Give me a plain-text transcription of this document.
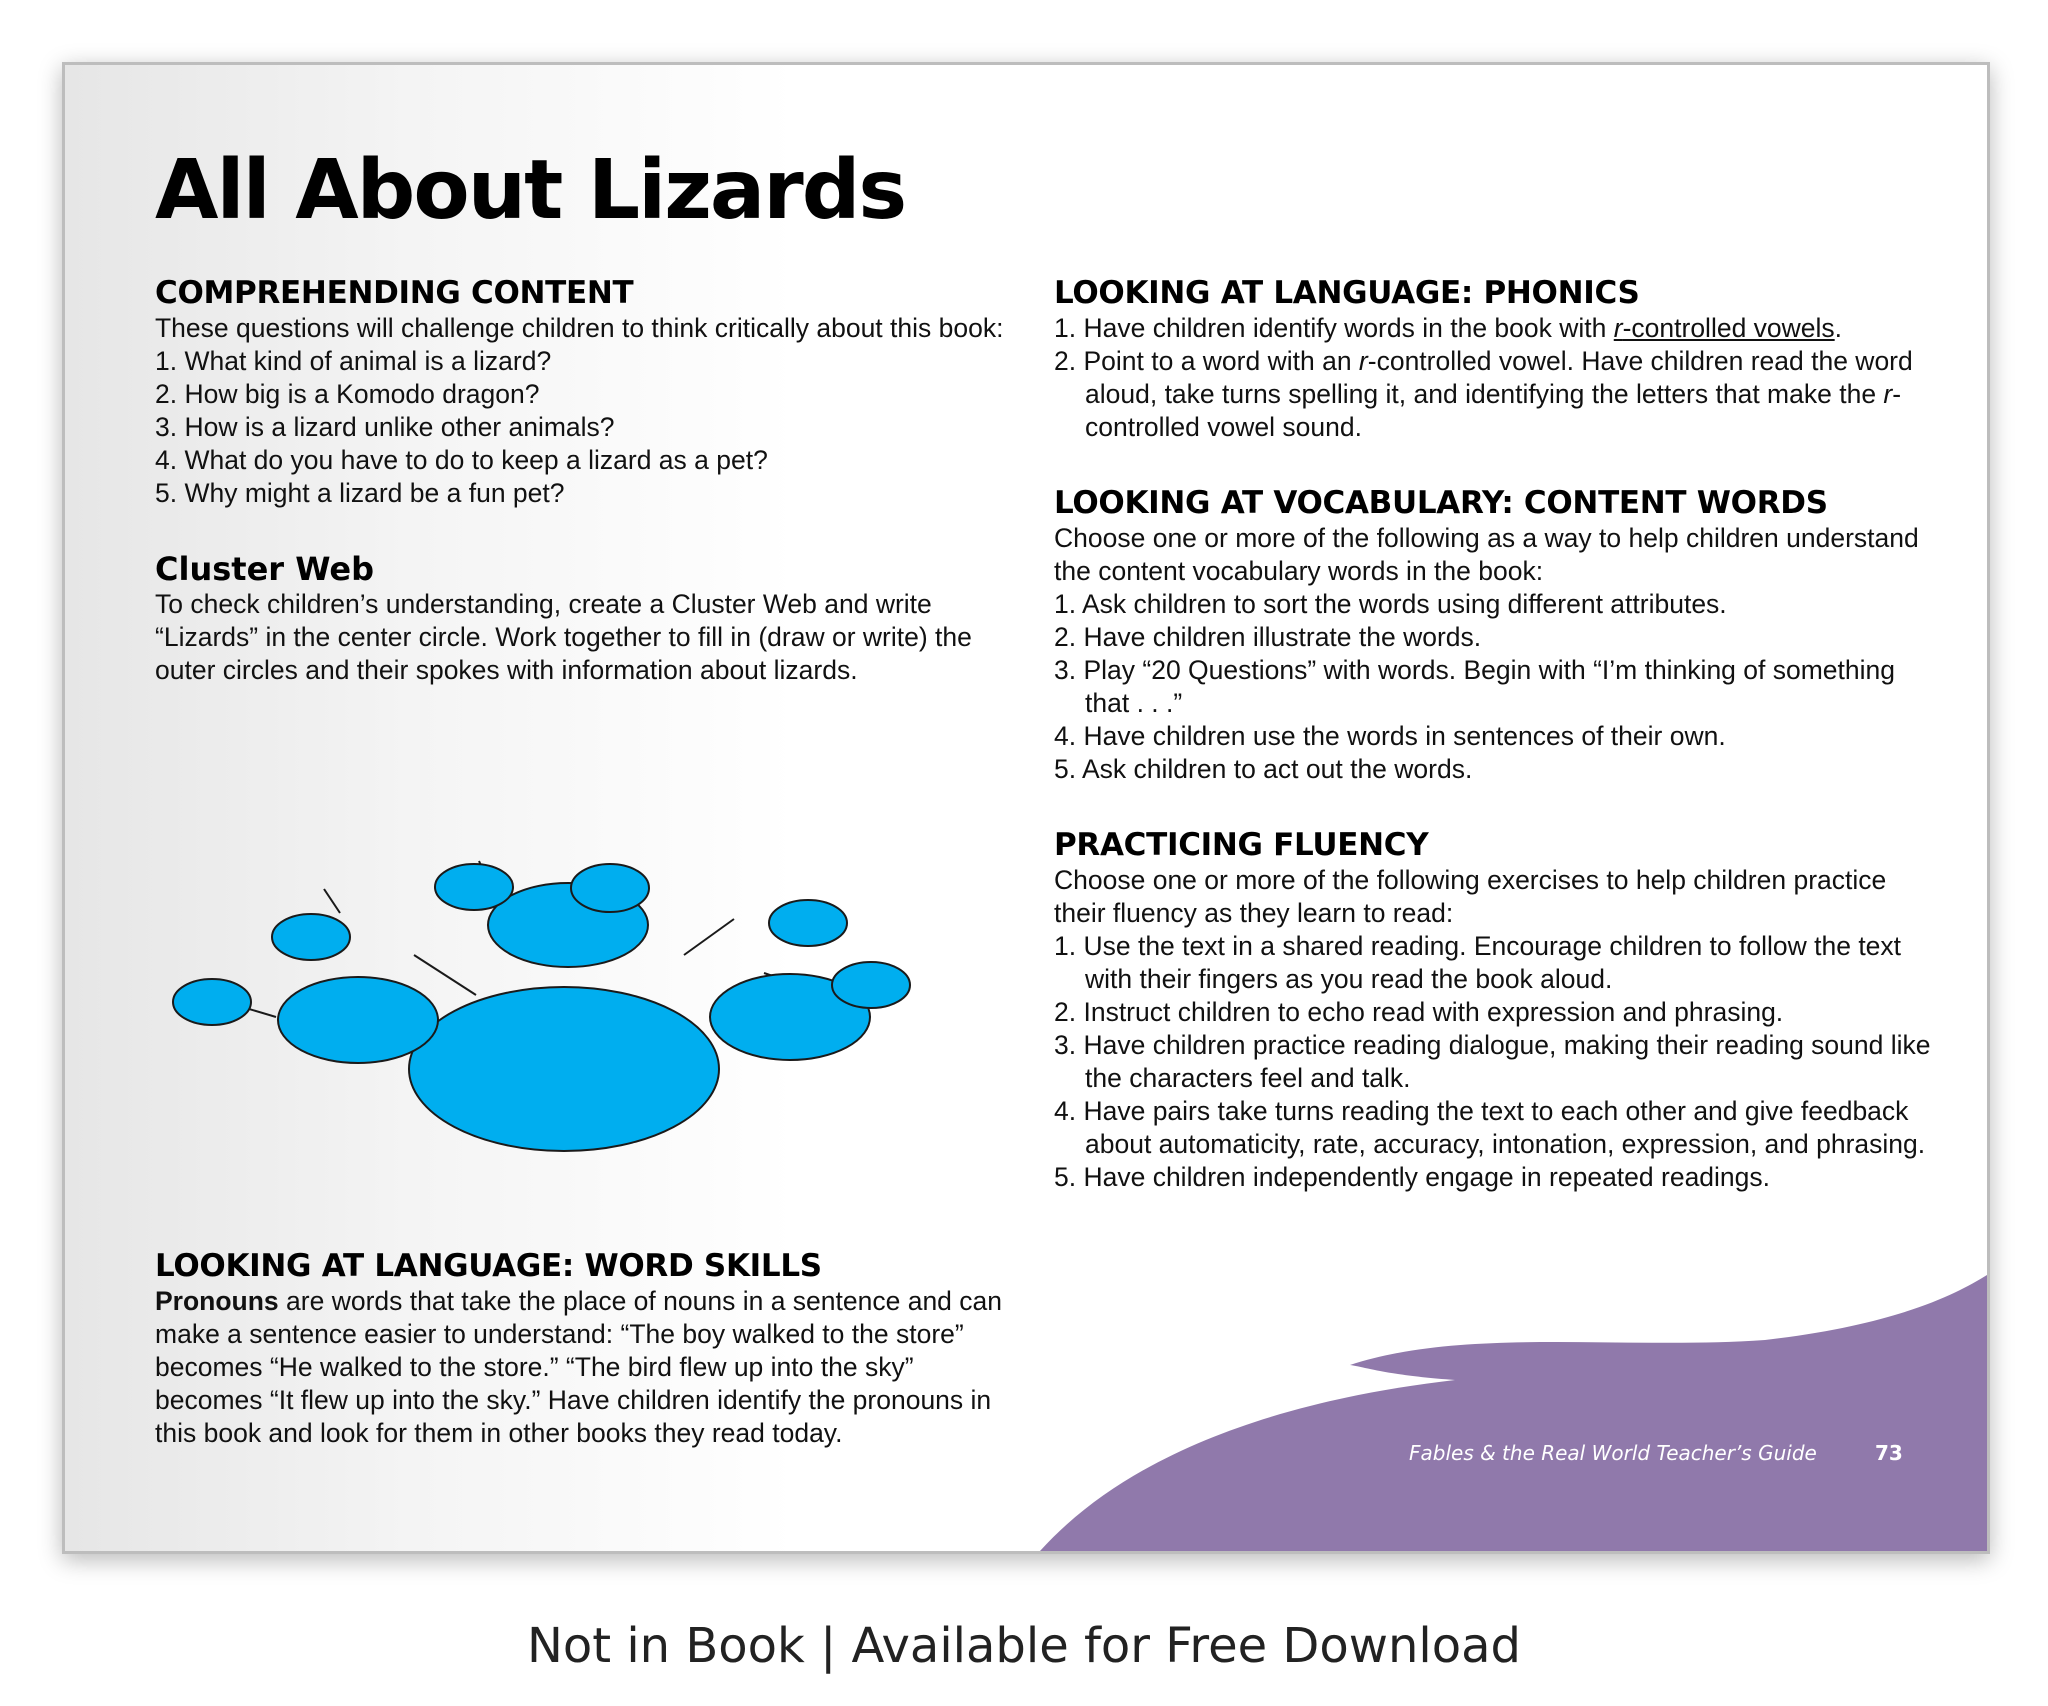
All About Lizards
COMPREHENDING CONTENT

These questions will challenge children to think critically about this book:

1. What kind of animal is a lizard?
2. How big is a Komodo dragon?
3. How is a lizard unlike other animals?
4. What do you have to do to keep a lizard as a pet?
5. Why might a lizard be a fun pet?
Cluster Web

To check children’s understanding, create a Cluster Web and write “Lizards” in the center circle. Work together to fill in (draw or write) the outer circles and their spokes with information about lizards.

LOOKING AT LANGUAGE: WORD SKILLS

Pronouns are words that take the place of nouns in a sentence and can make a sentence easier to understand: “The boy walked to the store” becomes “He walked to the store.” “The bird flew up into the sky” becomes “It flew up into the sky.” Have children identify the pronouns in this book and look for them in other books they read today.

LOOKING AT LANGUAGE: PHONICS
1. Have children identify words in the book with r-controlled vowels.
2. Point to a word with an r-controlled vowel. Have children read the word aloud, take turns spelling it, and identifying the letters that make the r-controlled vowel sound.
LOOKING AT VOCABULARY: CONTENT WORDS

Choose one or more of the following as a way to help children understand the content vocabulary words in the book:

1. Ask children to sort the words using different attributes.
2. Have children illustrate the words.
3. Play “20 Questions” with words. Begin with “I’m thinking of something that . . .”
4. Have children use the words in sentences of their own.
5. Ask children to act out the words.
PRACTICING FLUENCY

Choose one or more of the following exercises to help children practice their fluency as they learn to read:

1. Use the text in a shared reading. Encourage children to follow the text with their fingers as you read the book aloud.
2. Instruct children to echo read with expression and phrasing.
3. Have children practice reading dialogue, making their reading sound like the characters feel and talk.
4. Have pairs take turns reading the text to each other and give feedback about automaticity, rate, accuracy, intonation, expression, and phrasing.
5. Have children independently engage in repeated readings.
Fables & the Real World Teacher’s Guide	73
Not in Book | Available for Free Download
